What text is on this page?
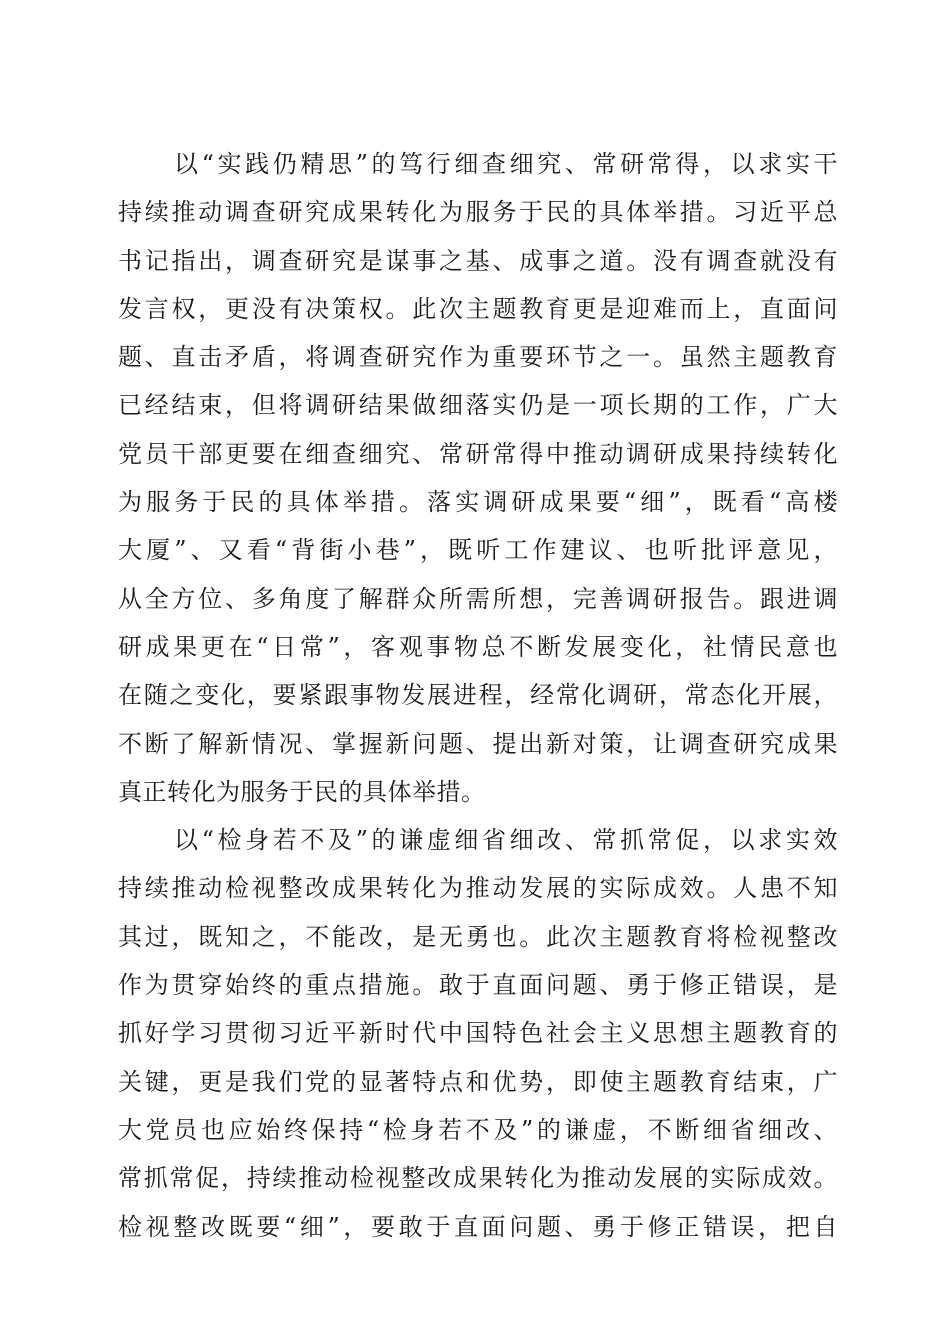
以“实践仍精思”的笃行细查细究、常研常得，以求实干
持续推动调查研究成果转化为服务于民的具体举措。习近平总
书记指出，调查研究是谋事之基、成事之道。没有调查就没有
发言权，更没有决策权。此次主题教育更是迎难而上，直面问
题、直击矛盾，将调查研究作为重要环节之一。虽然主题教育
已经结束，但将调研结果做细落实仍是一项长期的工作，广大
党员干部更要在细查细究、常研常得中推动调研成果持续转化
为服务于民的具体举措。落实调研成果要“细”，既看“高楼
大厦”、又看“背街小巷”，既听工作建议、也听批评意见，
从全方位、多角度了解群众所需所想，完善调研报告。跟进调
研成果更在“日常”，客观事物总不断发展变化，社情民意也
在随之变化，要紧跟事物发展进程，经常化调研，常态化开展，
不断了解新情况、掌握新问题、提出新对策，让调查研究成果
真正转化为服务于民的具体举措。
以“检身若不及”的谦虚细省细改、常抓常促，以求实效
持续推动检视整改成果转化为推动发展的实际成效。人患不知
其过，既知之，不能改，是无勇也。此次主题教育将检视整改
作为贯穿始终的重点措施。敢于直面问题、勇于修正错误，是
抓好学习贯彻习近平新时代中国特色社会主义思想主题教育的
关键，更是我们党的显著特点和优势，即使主题教育结束，广
大党员也应始终保持“检身若不及”的谦虚，不断细省细改、
常抓常促，持续推动检视整改成果转化为推动发展的实际成效。
检视整改既要“细”，要敢于直面问题、勇于修正错误，把自
